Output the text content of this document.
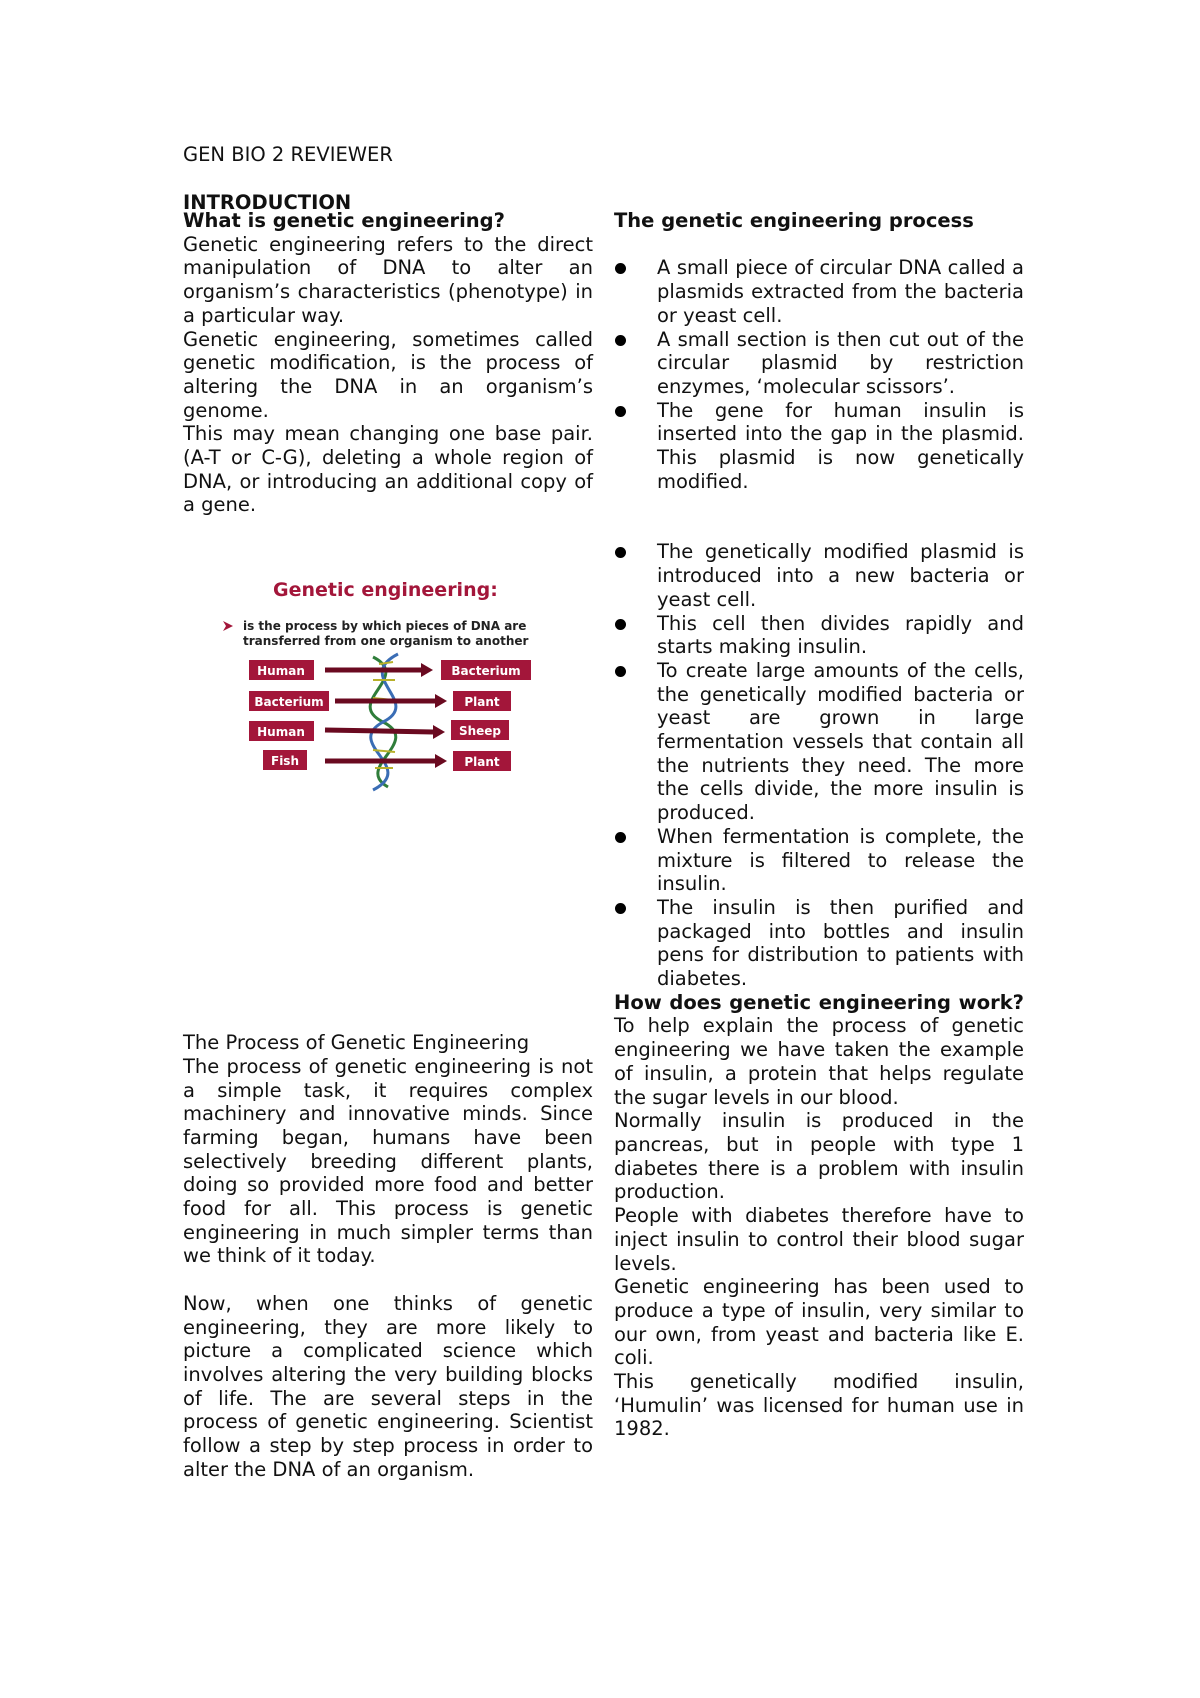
GEN BIO 2 REVIEWER
INTRODUCTION
What is genetic engineering?

Genetic engineering refers to the direct manipulation of DNA to alter an organism’s characteristics (phenotype) in a particular way.

Genetic engineering, sometimes called genetic modification, is the process of altering the DNA in an organism’s genome.

This may mean changing one base pair. (A-T or C-G), deleting a whole region of DNA, or introducing an additional copy of a gene.

Genetic engineering:
is the process by which pieces of DNA are
transferred from one organism to another
Human	Bacterium
Bacterium	Plant
Human	Sheep
Fish	Plant

The Process of Genetic Engineering

The process of genetic engineering is not a simple task, it requires complex machinery and innovative minds. Since farming began, humans have been selectively breeding different plants, doing so provided more food and better food for all. This process is genetic engineering in much simpler terms than we think of it today.

Now, when one thinks of genetic engineering, they are more likely to picture a complicated science which involves altering the very building blocks of life. The are several steps in the process of genetic engineering. Scientist follow a step by step process in order to alter the DNA of an organism.

The genetic engineering process
A small piece of circular DNA called a plasmids extracted from the bacteria or yeast cell.
A small section is then cut out of the circular plasmid by restriction enzymes, ‘molecular scissors’.
The gene for human insulin is inserted into the gap in the plasmid. This plasmid is now genetically modified.
The genetically modified plasmid is introduced into a new bacteria or yeast cell.
This cell then divides rapidly and starts making insulin.
To create large amounts of the cells, the genetically modified bacteria or yeast are grown in large fermentation vessels that contain all the nutrients they need. The more the cells divide, the more insulin is produced.
When fermentation is complete, the mixture is filtered to release the insulin.
The insulin is then purified and packaged into bottles and insulin pens for distribution to patients with diabetes.
How does genetic engineering work?

To help explain the process of genetic engineering we have taken the example of insulin, a protein that helps regulate the sugar levels in our blood.

Normally insulin is produced in the pancreas, but in people with type 1 diabetes there is a problem with insulin production.

People with diabetes therefore have to inject insulin to control their blood sugar levels.

Genetic engineering has been used to produce a type of insulin, very similar to our own, from yeast and bacteria like E. coli.

This genetically modified insulin, ‘Humulin’ was licensed for human use in 1982.
